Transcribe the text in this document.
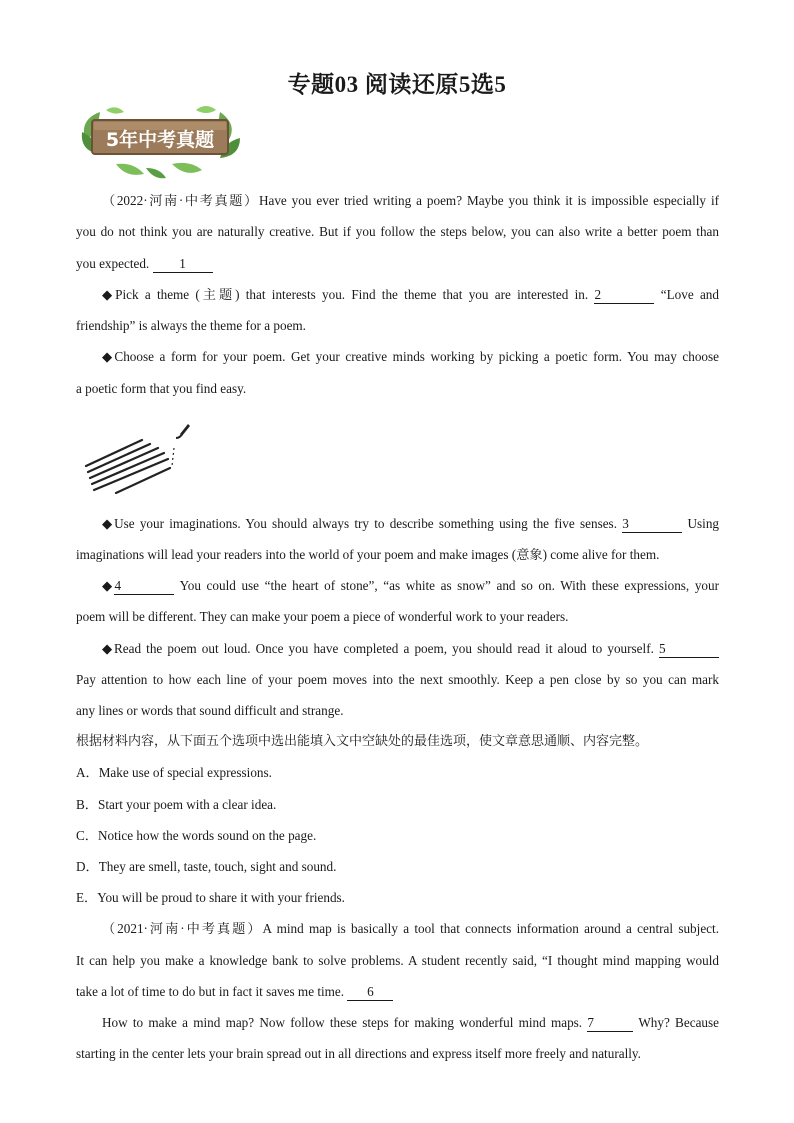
专题03 阅读还原5选5
5年中考真题
（2022·河南·中考真题）Have you ever tried writing a poem? Maybe you think it is impossible especially if
you do not think you are naturally creative. But if you follow the steps below, you can also write a better poem than
you expected. 1
◆Pick a theme (主题) that interests you. Find the theme that you are interested in. 2	“Love and
friendship” is always the theme for a poem.
◆Choose a form for your poem. Get your creative minds working by picking a poetic form. You may choose
a poetic form that you find easy.
◆Use your imaginations. You should always try to describe something using the five senses. 3	Using
imaginations will lead your readers into the world of your poem and make images (意象) come alive for them.
◆4	You could use “the heart of stone”, “as white as snow” and so on. With these expressions, your
poem will be different. They can make your poem a piece of wonderful work to your readers.
◆Read the poem out loud. Once you have completed a poem, you should read it aloud to yourself. 5
Pay attention to how each line of your poem moves into the next smoothly. Keep a pen close by so you can mark
any lines or words that sound difficult and strange.
根据材料内容，从下面五个选项中选出能填入文中空缺处的最佳选项，使文章意思通顺、内容完整。
A．Make use of special expressions.
B．Start your poem with a clear idea.
C．Notice how the words sound on the page.
D．They are smell, taste, touch, sight and sound.
E．You will be proud to share it with your friends.
（2021·河南·中考真题）A mind map is basically a tool that connects information around a central subject.
It can help you make a knowledge bank to solve problems. A student recently said, “I thought mind mapping would
take a lot of time to do but in fact it saves me time. 6
How to make a mind map? Now follow these steps for making wonderful mind maps. 7	Why? Because
starting in the center lets your brain spread out in all directions and express itself more freely and naturally.
